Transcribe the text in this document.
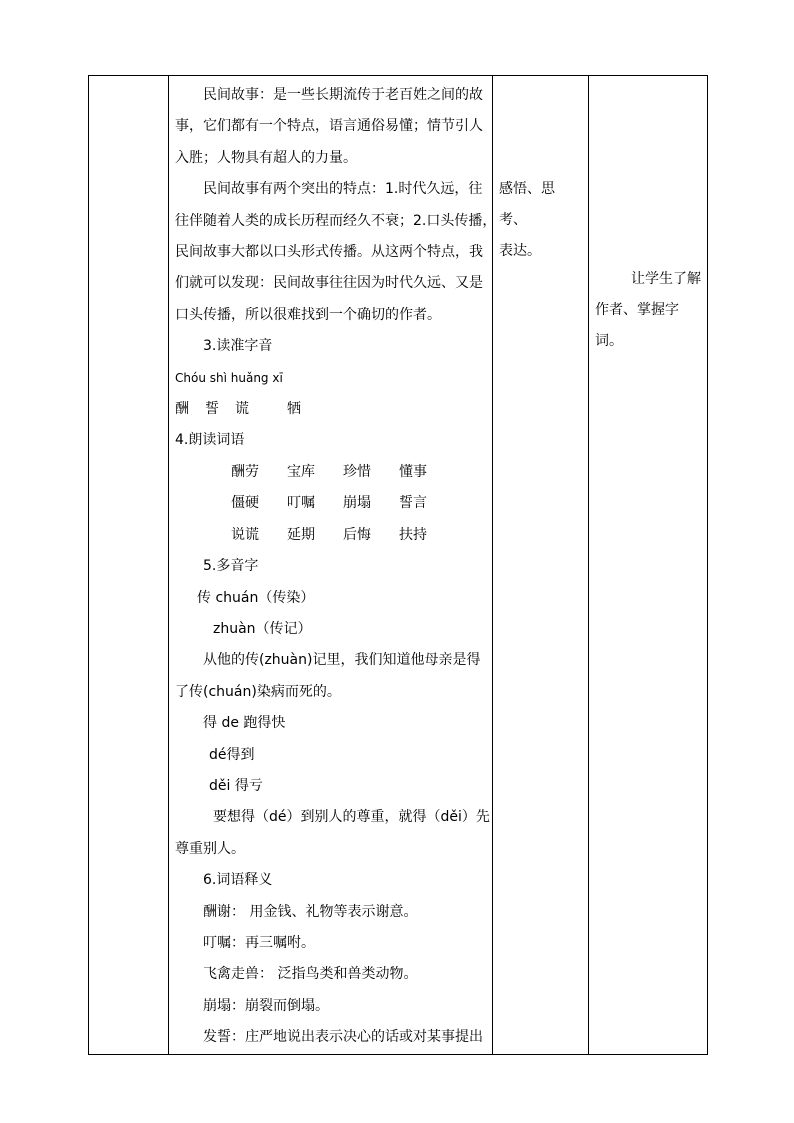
民间故事：是一些长期流传于老百姓之间的故

事，它们都有一个特点，语言通俗易懂；情节引人

入胜；人物具有超人的力量。

民间故事有两个突出的特点：1.时代久远，往

往伴随着人类的成长历程而经久不衰；2.口头传播，

民间故事大都以口头形式传播。从这两个特点，我

们就可以发现：民间故事往往因为时代久远、又是

口头传播，所以很难找到一个确切的作者。

3.读准字音

Chóu shì huǎng xī

酬 誓 谎	牺

4.朗读词语

酬劳 宝库 珍惜 懂事

僵硬 叮嘱 崩塌 誓言

说谎 延期 后悔 扶持

5.多音字

传 chuán（传染）

zhuàn（传记）

从他的传(zhuàn)记里，我们知道他母亲是得

了传(chuán)染病而死的。

得 de 跑得快

dé得到

děi 得亏

要想得（dé）到别人的尊重，就得（děi）先

尊重别人。

6.词语释义

酬谢： 用金钱、礼物等表示谢意。

叮嘱：再三嘱咐。

飞禽走兽： 泛指鸟类和兽类动物。

崩塌：崩裂而倒塌。

发誓：庄严地说出表示决心的话或对某事提出

感悟、思考、
表达。

让学生了解
作者、掌握字词。
